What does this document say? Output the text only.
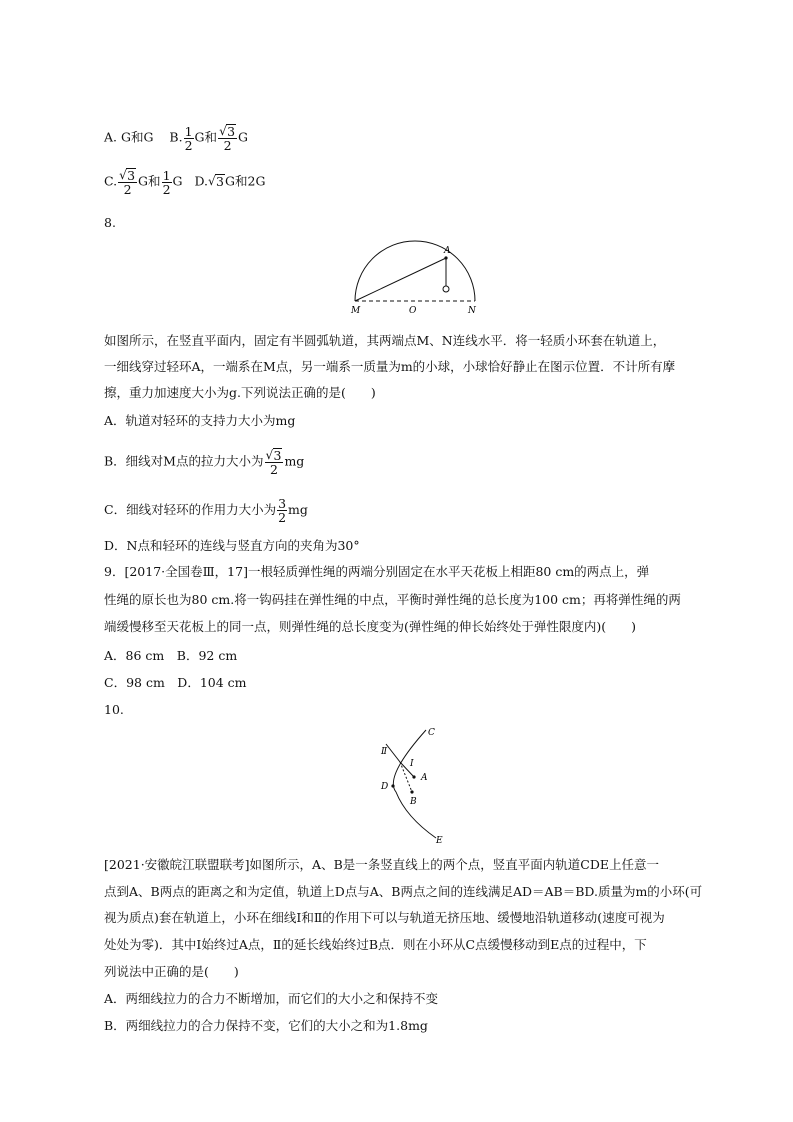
A. G和G B. $\frac{1}{2}$ G和 $\frac{√ 3}{2}$ G
C. $\frac{√ 3}{2}$ G和 $\frac{1}{2}$ G D. √ 3G和2G
8.
A
M	O	N
如图所示，在竖直平面内，固定有半圆弧轨道，其两端点M、N连线水平．将一轻质小环套在轨道上，
一细线穿过轻环A，一端系在M点，另一端系一质量为m的小球，小球恰好静止在图示位置．不计所有摩
擦，重力加速度大小为g.下列说法正确的是(　　)
A．轨道对轻环的支持力大小为mg
B．细线对M点的拉力大小为 $\frac{√ 3}{2}$ mg
C．细线对轻环的作用力大小为 $\frac{3}{2}$ mg
D．N点和轻环的连线与竖直方向的夹角为30°
9．[2017·全国卷Ⅲ，17]一根轻质弹性绳的两端分别固定在水平天花板上相距80 cm的两点上，弹
性绳的原长也为80 cm.将一钩码挂在弹性绳的中点，平衡时弹性绳的总长度为100 cm；再将弹性绳的两
端缓慢移至天花板上的同一点，则弹性绳的总长度变为(弹性绳的伸长始终处于弹性限度内)(　　)
A．86 cm　B．92 cm
C．98 cm　D．104 cm
10.
C
Ⅱ
Ⅰ
A
D
B
E
[2021·安徽皖江联盟联考]如图所示，A、B是一条竖直线上的两个点，竖直平面内轨道CDE上任意一
点到A、B两点的距离之和为定值，轨道上D点与A、B两点之间的连线满足AD＝AB＝BD.质量为m的小环(可
视为质点)套在轨道上，小环在细线Ⅰ和Ⅱ的作用下可以与轨道无挤压地、缓慢地沿轨道移动(速度可视为
处处为零)．其中Ⅰ始终过A点，Ⅱ的延长线始终过B点．则在小环从C点缓慢移动到E点的过程中，下
列说法中正确的是(　　)
A．两细线拉力的合力不断增加，而它们的大小之和保持不变
B．两细线拉力的合力保持不变，它们的大小之和为1.8mg
